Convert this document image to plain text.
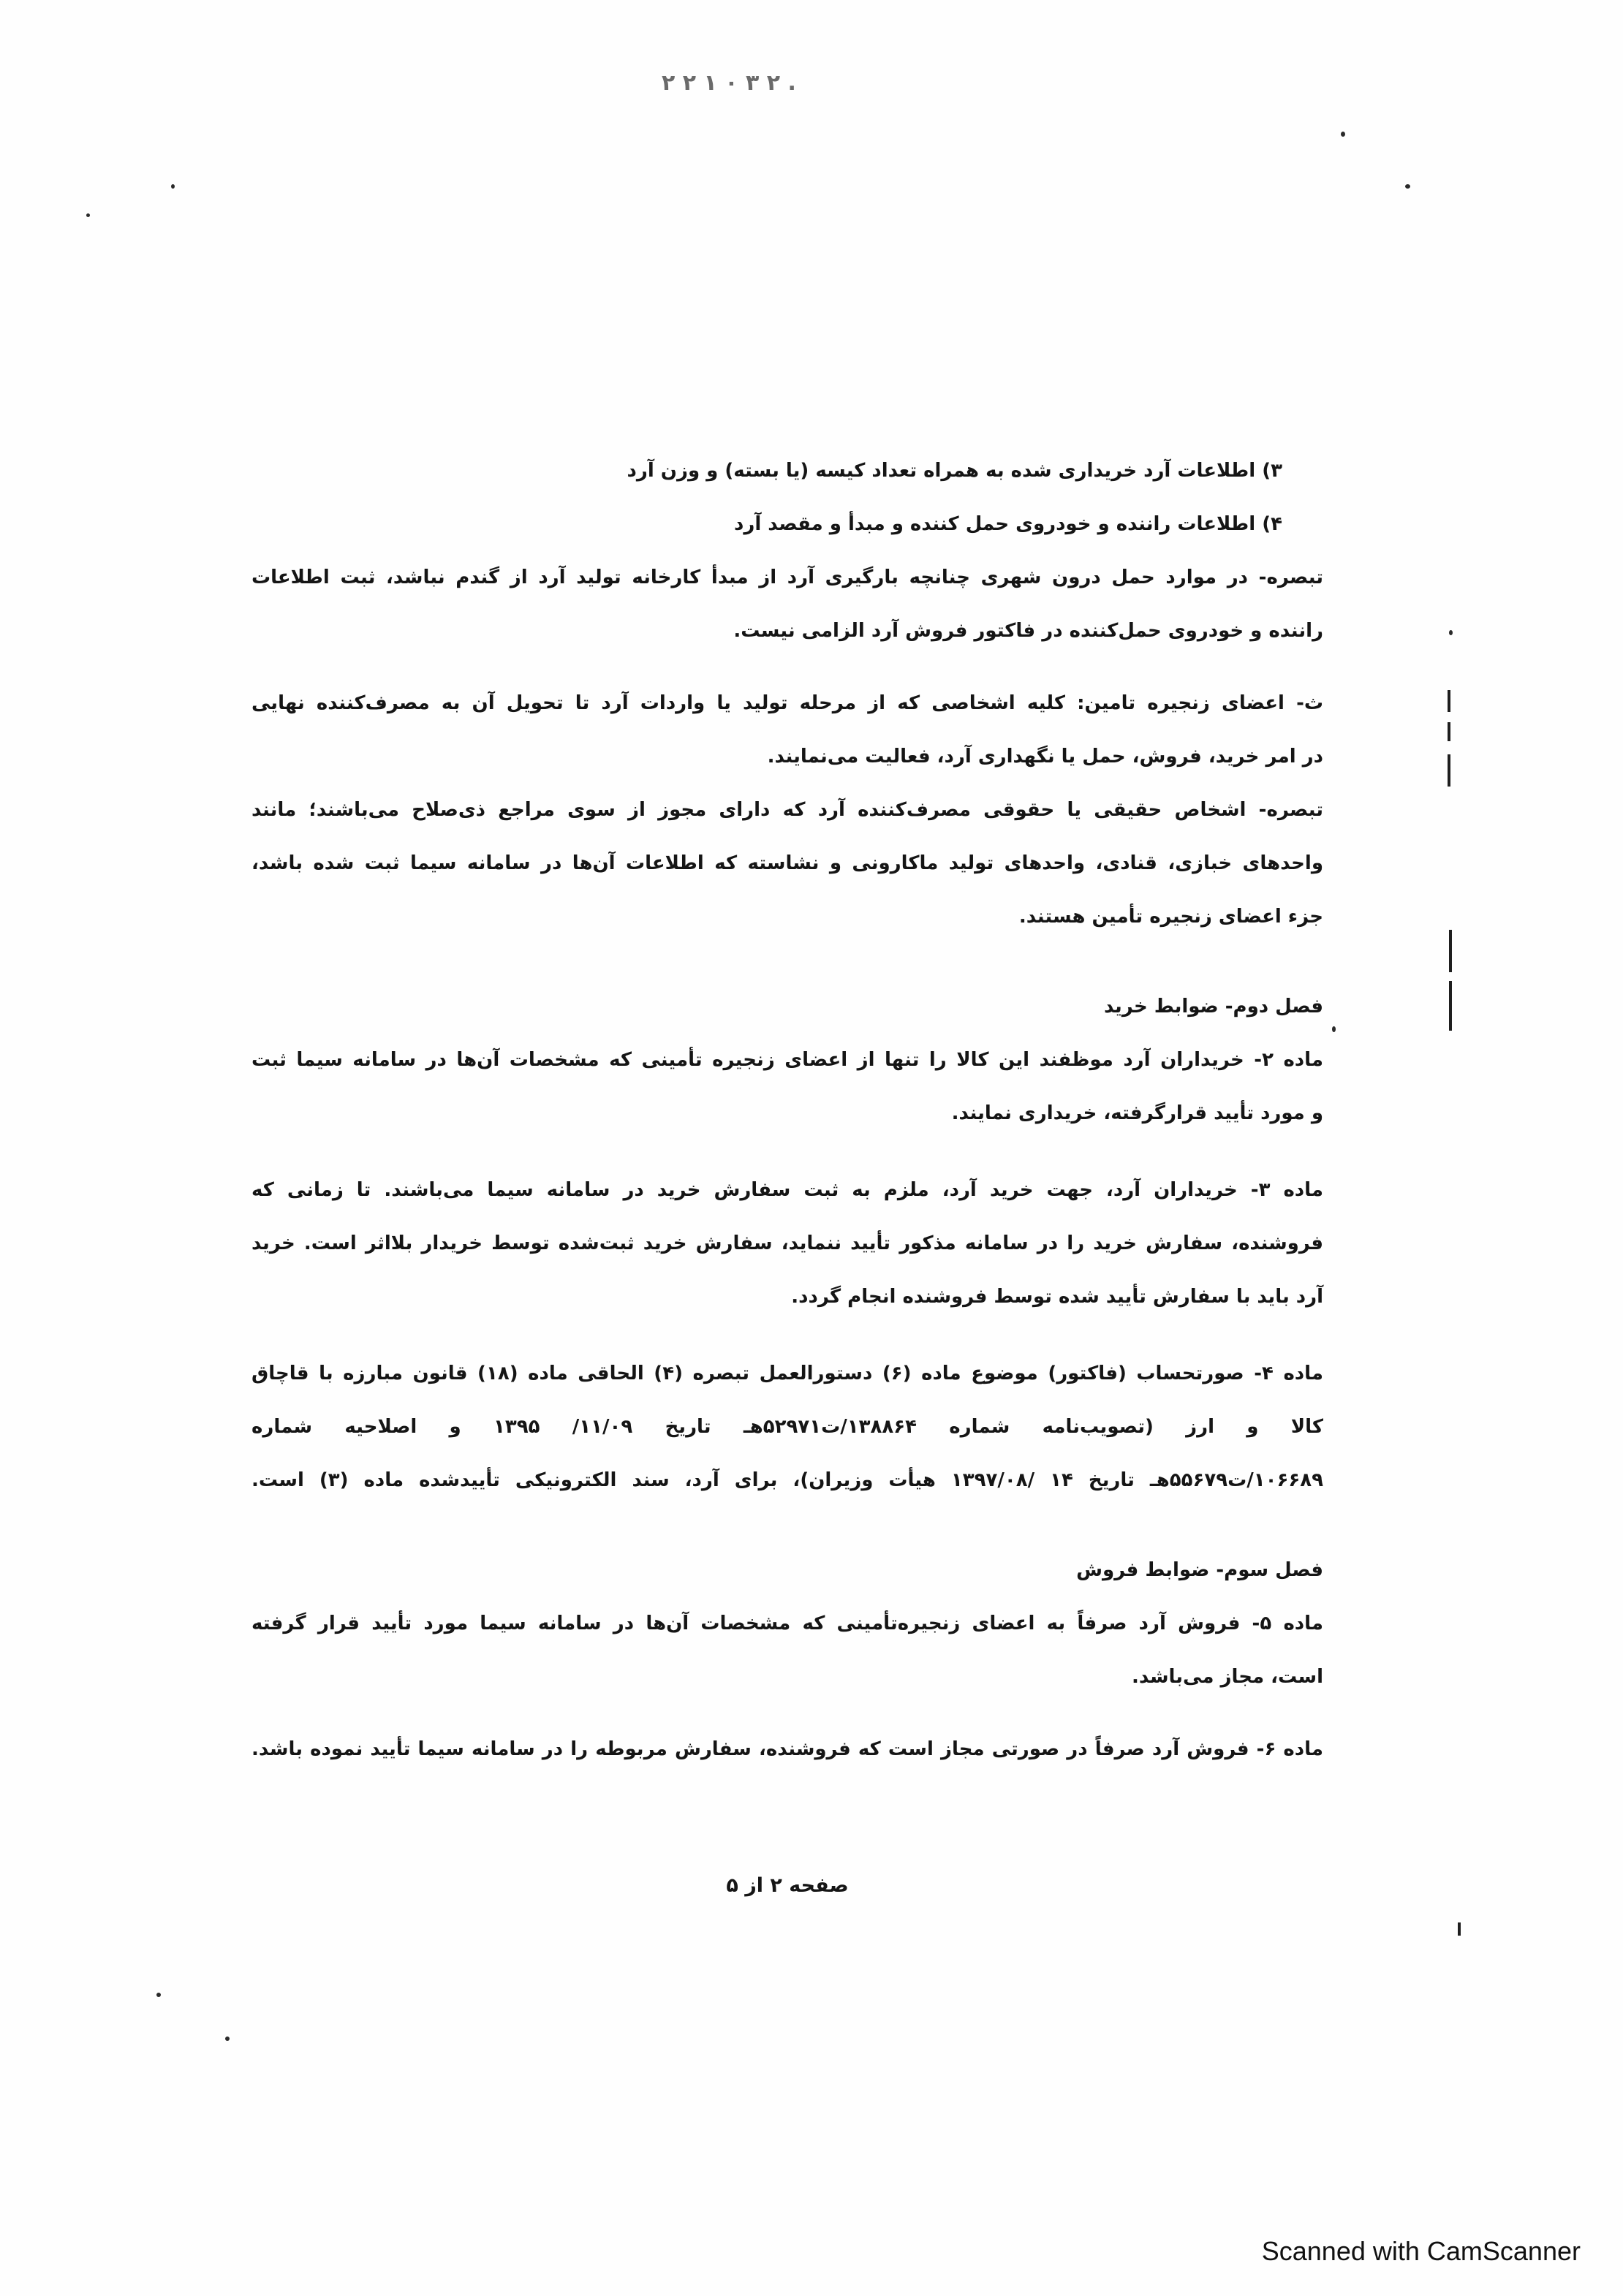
۲ ۲ ۱ ۰ ۳ ۲ .
۳) اطلاعات آرد خریداری شده به همراه تعداد کیسه (یا بسته) و وزن آرد
۴) اطلاعات راننده و خودروی حمل کننده و مبدأ و مقصد آرد
تبصره- در موارد حمل درون شهری چنانچه بارگیری آرد از مبدأ کارخانه تولید آرد از گندم نباشد، ثبت اطلاعات
راننده و خودروی حمل‌کننده در فاکتور فروش آرد الزامی نیست.
ث- اعضای زنجیره تامین: کلیه اشخاصی که از مرحله تولید یا واردات آرد تا تحویل آن به مصرف‌کننده نهایی
در امر خرید، فروش، حمل یا نگهداری آرد، فعالیت می‌نمایند.
تبصره- اشخاص حقیقی یا حقوقی مصرف‌کننده آرد که دارای مجوز از سوی مراجع ذی‌صلاح می‌باشند؛ مانند
واحدهای خبازی، قنادی، واحدهای تولید ماکارونی و نشاسته که اطلاعات آن‌ها در سامانه سیما ثبت شده باشد،
جزء اعضای زنجیره تأمین هستند.
فصل دوم- ضوابط خرید
ماده ۲- خریداران آرد موظفند این کالا را تنها از اعضای زنجیره تأمینی که مشخصات آن‌ها در سامانه سیما ثبت
و مورد تأیید قرارگرفته، خریداری نمایند.
ماده ۳- خریداران آرد، جهت خرید آرد، ملزم به ثبت سفارش خرید در سامانه سیما می‌باشند. تا زمانی که
فروشنده، سفارش خرید را در سامانه مذکور تأیید ننماید، سفارش خرید ثبت‌شده توسط خریدار بلااثر است. خرید
آرد باید با سفارش تأیید شده توسط فروشنده انجام گردد.
ماده ۴- صورتحساب (فاکتور) موضوع ماده (۶) دستورالعمل تبصره (۴) الحاقی ماده (۱۸) قانون مبارزه با قاچاق
کالا و ارز (تصویب‌نامه شماره ۱۳۸۸۶۴/ت۵۲۹۷۱هـ تاریخ ۱۱/۰۹/ ۱۳۹۵ و اصلاحیه شماره
۱۰۶۶۸۹/ت۵۵۶۷۹هـ تاریخ ۱۴ /۱۳۹۷/۰۸ هیأت وزیران)، برای آرد، سند الکترونیکی تأییدشده ماده (۳) است.
فصل سوم- ضوابط فروش
ماده ۵- فروش آرد صرفاً به اعضای زنجیره‌تأمینی که مشخصات آن‌ها در سامانه سیما مورد تأیید قرار گرفته
است، مجاز می‌باشد.
ماده ۶- فروش آرد صرفاً در صورتی مجاز است که فروشنده، سفارش مربوطه را در سامانه سیما تأیید نموده باشد.
صفحه ۲ از ۵
Scanned with CamScanner
